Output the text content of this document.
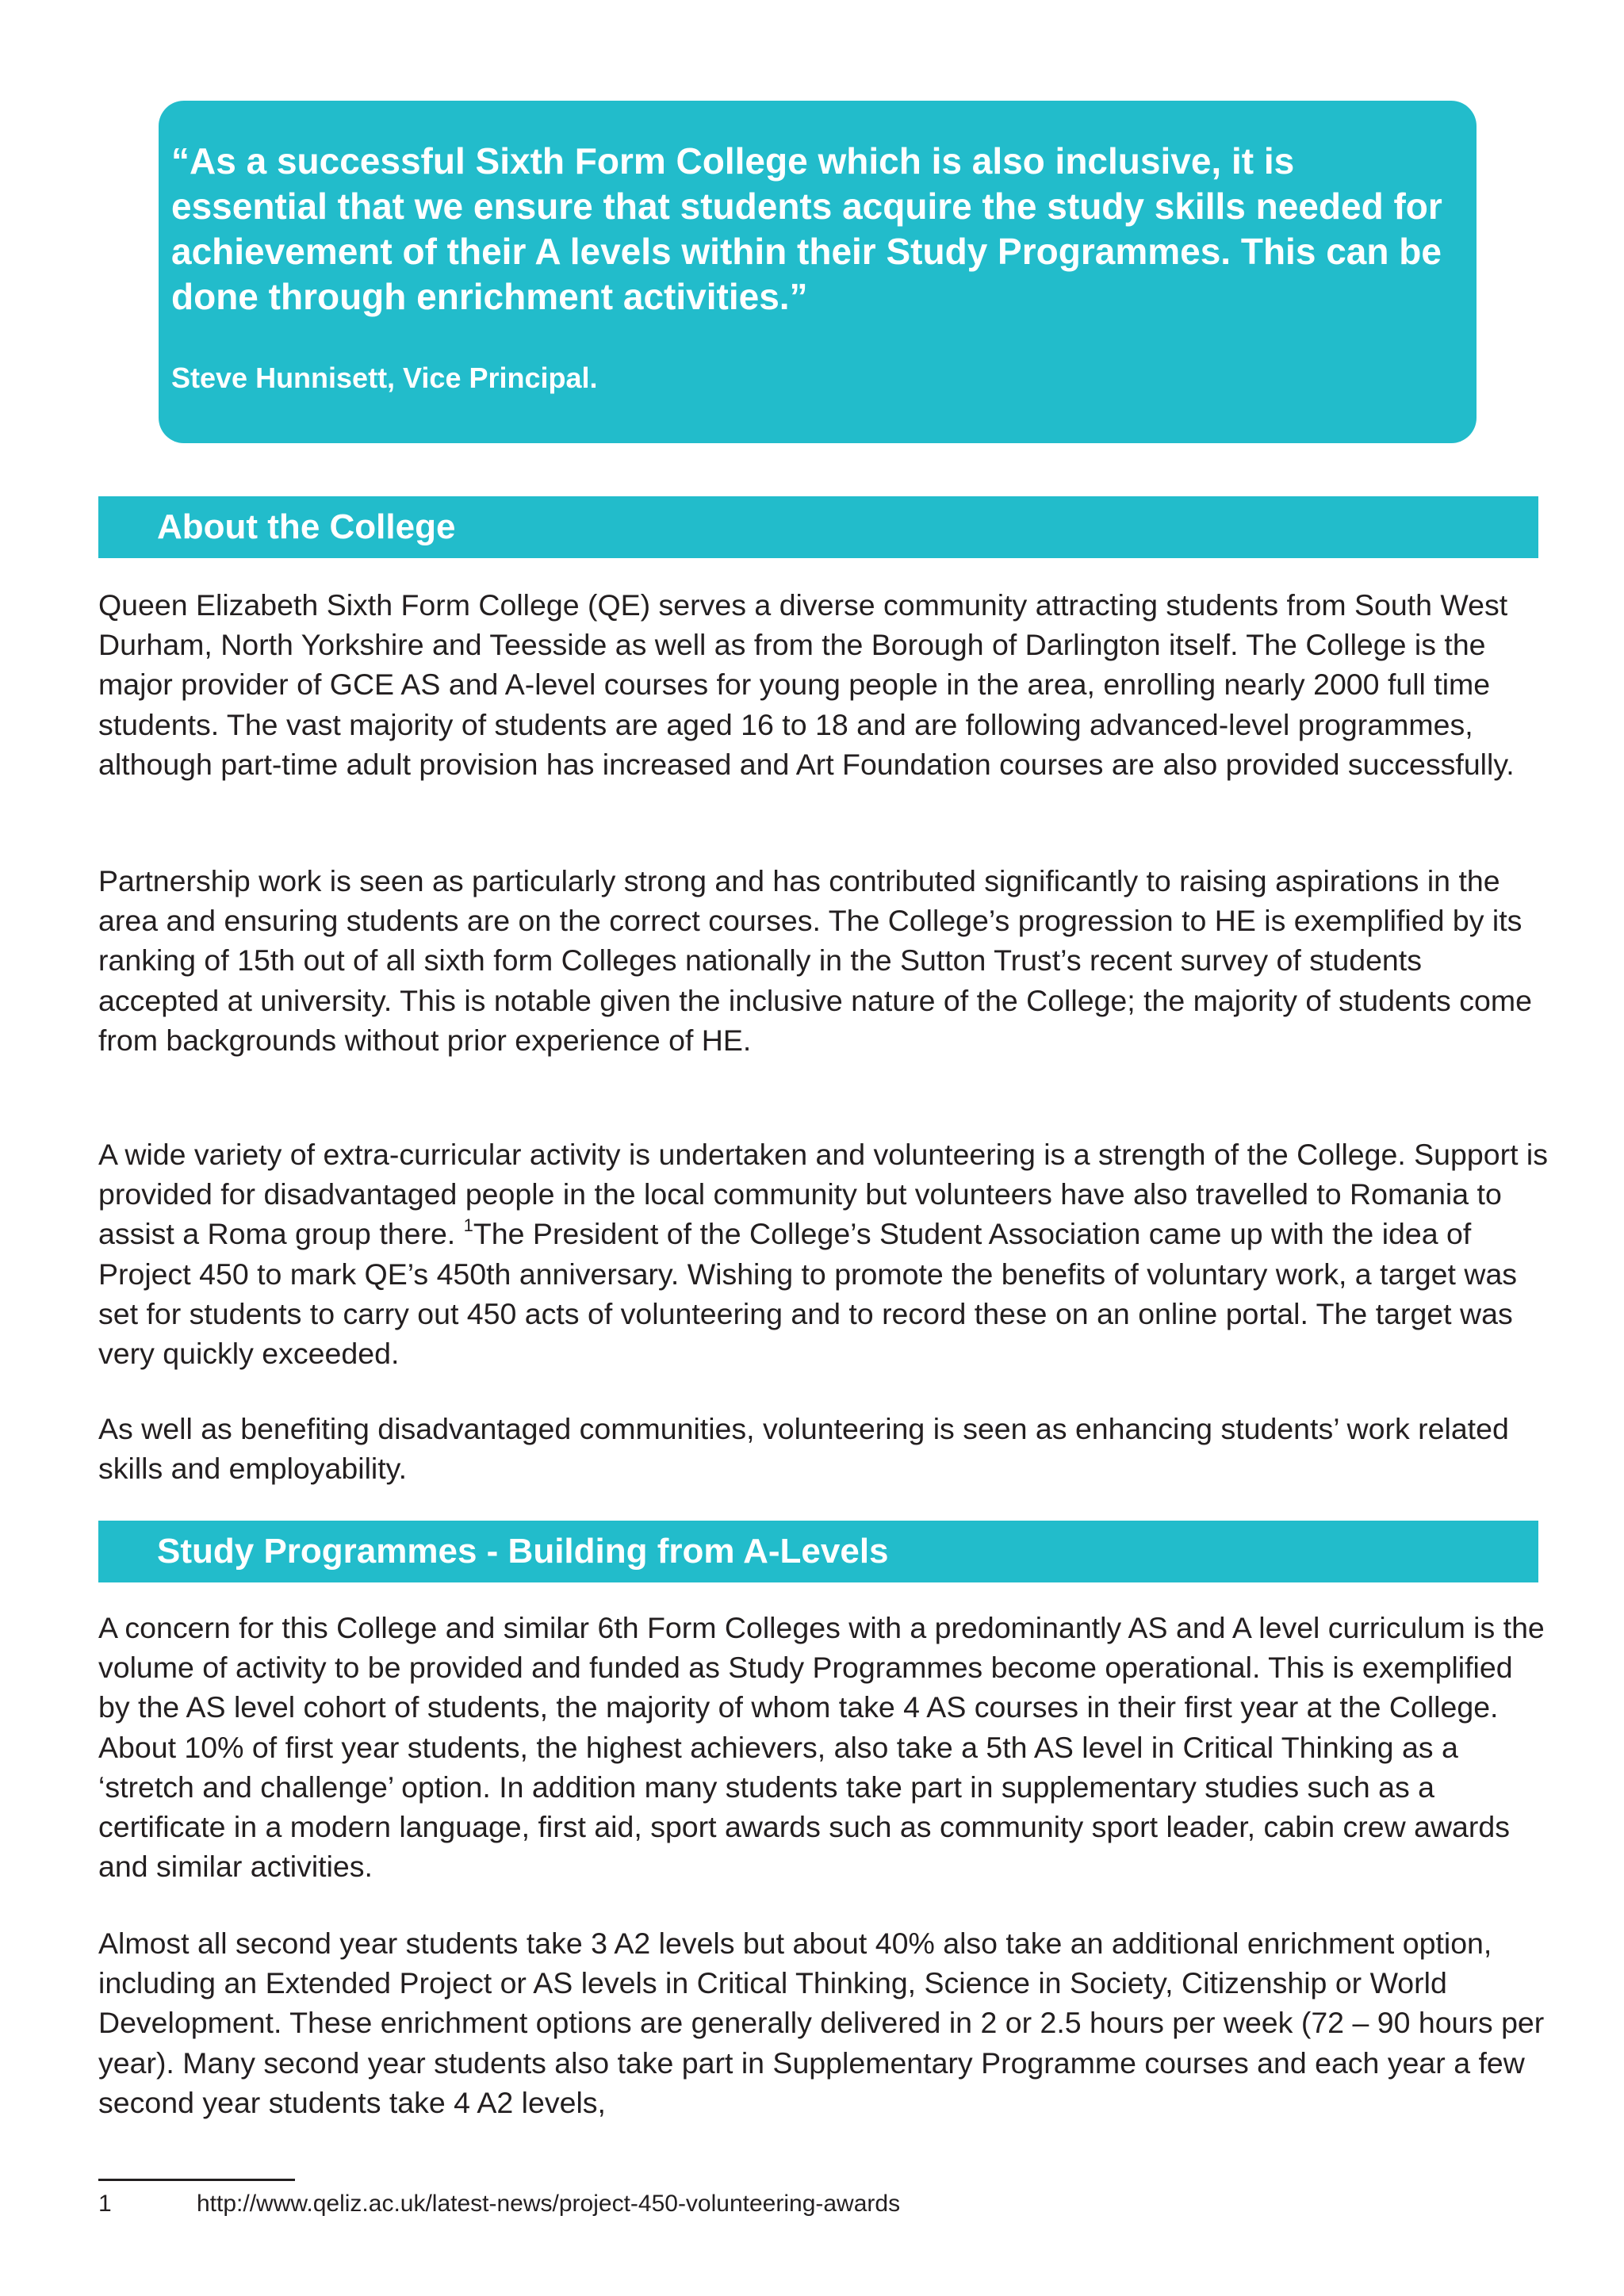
“As a successful Sixth Form College which is also inclusive, it is essential that we ensure that students acquire the study skills needed for achievement of their A levels within their Study Programmes. This can be done through enrichment activities.”

Steve Hunnisett, Vice Principal.

About the College

Queen Elizabeth Sixth Form College (QE) serves a diverse community attracting students from South West Durham, North Yorkshire and Teesside as well as from the Borough of Darlington itself. The College is the major provider of GCE AS and A-level courses for young people in the area, enrolling nearly 2000 full time students. The vast majority of students are aged 16 to 18 and are following advanced-level programmes, although part-time adult provision has increased and Art Foundation courses are also provided successfully.

Partnership work is seen as particularly strong and has contributed significantly to raising aspirations in the area and ensuring students are on the correct courses. The College’s progression to HE is exemplified by its ranking of 15th out of all sixth form Colleges nationally in the Sutton Trust’s recent survey of students accepted at university. This is notable given the inclusive nature of the College; the majority of students come from backgrounds without prior experience of HE.

A wide variety of extra-curricular activity is undertaken and volunteering is a strength of the College. Support is provided for disadvantaged people in the local community but volunteers have also travelled to Romania to assist a Roma group there. $^1$The President of the College’s Student Association came up with the idea of Project 450 to mark QE’s 450th anniversary. Wishing to promote the benefits of voluntary work, a target was set for students to carry out 450 acts of volunteering and to record these on an online portal. The target was very quickly exceeded.

As well as benefiting disadvantaged communities, volunteering is seen as enhancing students’ work related skills and employability.

Study Programmes - Building from A-Levels

A concern for this College and similar 6th Form Colleges with a predominantly AS and A level curriculum is the volume of activity to be provided and funded as Study Programmes become operational. This is exemplified by the AS level cohort of students, the majority of whom take 4 AS courses in their first year at the College. About 10% of first year students, the highest achievers, also take a 5th AS level in Critical Thinking as a ‘stretch and challenge’ option. In addition many students take part in supplementary studies such as a certificate in a modern language, first aid, sport awards such as community sport leader, cabin crew awards and similar activities.

Almost all second year students take 3 A2 levels but about 40% also take an additional enrichment option, including an Extended Project or AS levels in Critical Thinking, Science in Society, Citizenship or World Development. These enrichment options are generally delivered in 2 or 2.5 hours per week (72 – 90 hours per year). Many second year students also take part in Supplementary Programme courses and each year a few second year students take 4 A2 levels,

1	http://www.qeliz.ac.uk/latest-news/project-450-volunteering-awards
